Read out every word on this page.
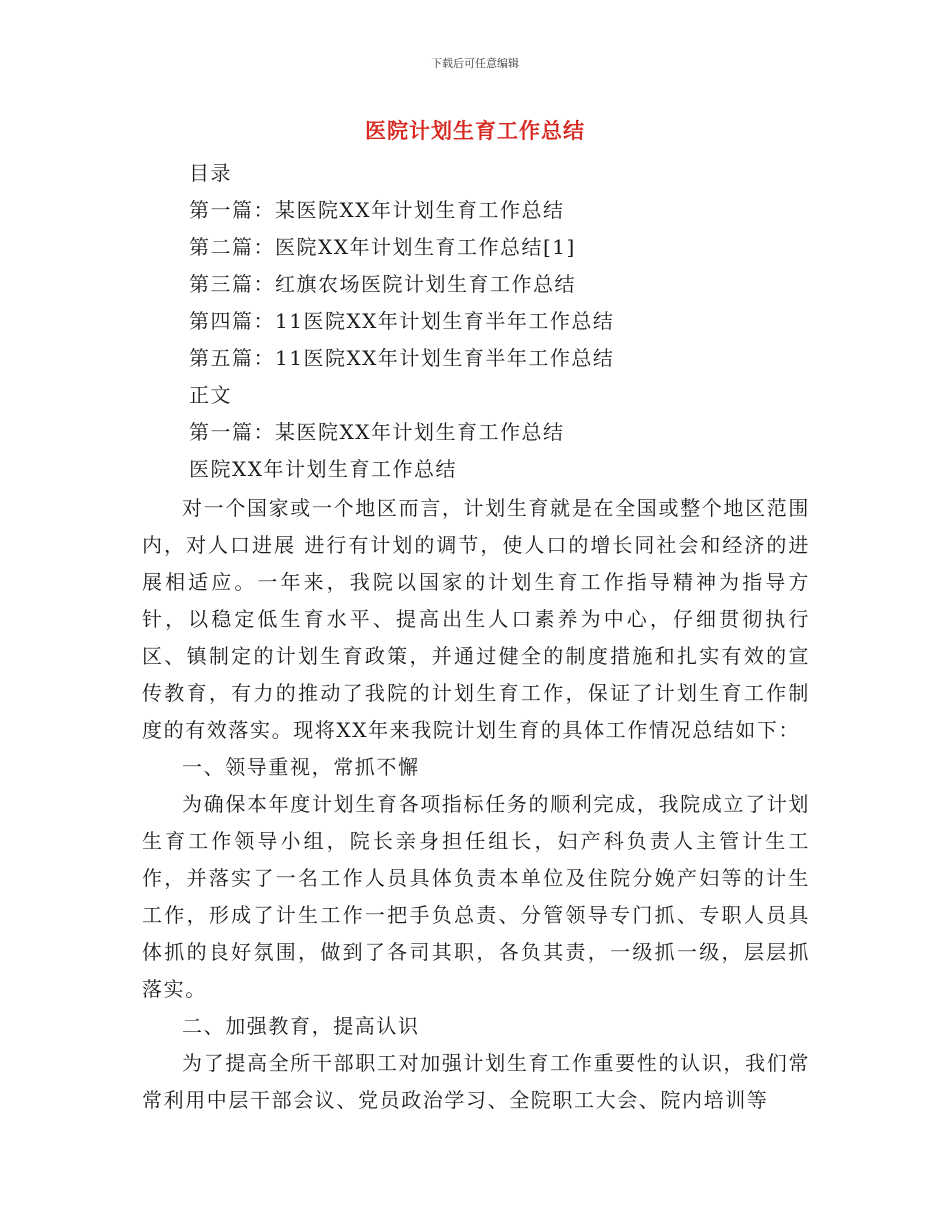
下载后可任意编辑
医院计划生育工作总结
目录
第一篇：某医院XX年计划生育工作总结
第二篇：医院XX年计划生育工作总结[1]
第三篇：红旗农场医院计划生育工作总结
第四篇：11医院XX年计划生育半年工作总结
第五篇：11医院XX年计划生育半年工作总结
正文
第一篇：某医院XX年计划生育工作总结
医院XX年计划生育工作总结

对一个国家或一个地区而言，计划生育就是在全国或整个地区范围内，对人口进展 进行有计划的调节，使人口的增长同社会和经济的进展相适应。一年来，我院以国家的计划生育工作指导精神为指导方针，以稳定低生育水平、提高出生人口素养为中心，仔细贯彻执行区、镇制定的计划生育政策，并通过健全的制度措施和扎实有效的宣传教育，有力的推动了我院的计划生育工作，保证了计划生育工作制度的有效落实。现将XX年来我院计划生育的具体工作情况总结如下：

一、领导重视，常抓不懈

为确保本年度计划生育各项指标任务的顺利完成，我院成立了计划生育工作领导小组，院长亲身担任组长，妇产科负责人主管计生工作，并落实了一名工作人员具体负责本单位及住院分娩产妇等的计生工作，形成了计生工作一把手负总责、分管领导专门抓、专职人员具体抓的良好氛围，做到了各司其职，各负其责，一级抓一级，层层抓落实。

二、加强教育，提高认识

为了提高全所干部职工对加强计划生育工作重要性的认识，我们常常利用中层干部会议、党员政治学习、全院职工大会、院内培训等
